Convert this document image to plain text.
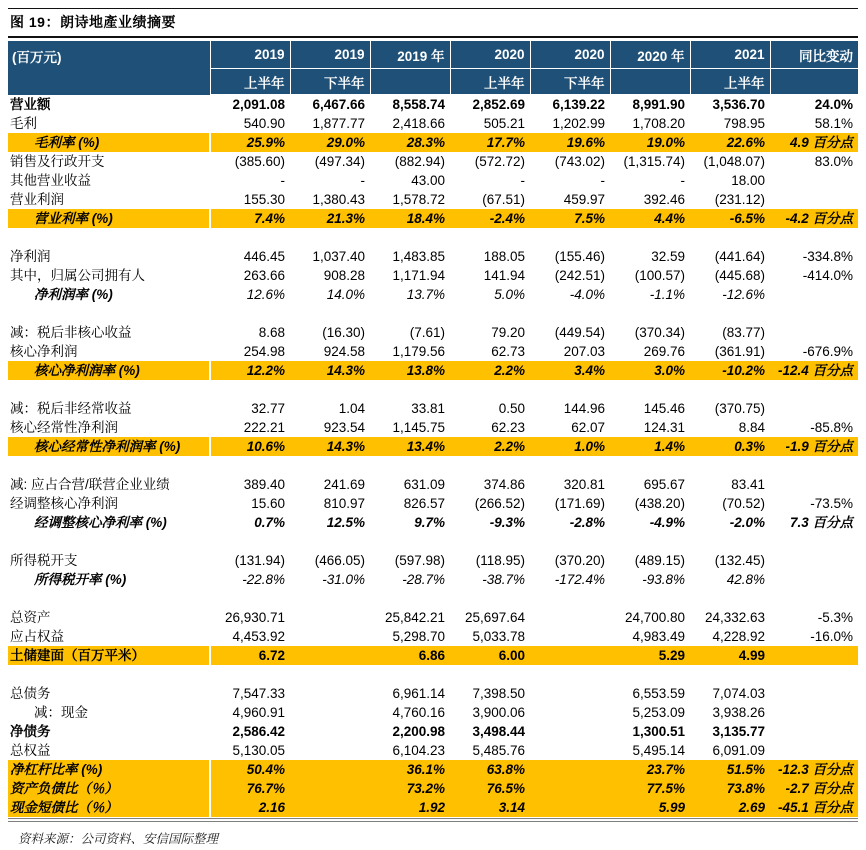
图 19：朗诗地產业绩摘要
(百万元)	2019	2019	2019 年	2020	2020	2020 年	2021	同比变动
	上半年	下半年		上半年	下半年		上半年	
营业额	2,091.08	6,467.66	8,558.74	2,852.69	6,139.22	8,991.90	3,536.70	24.0%
毛利	540.90	1,877.77	2,418.66	505.21	1,202.99	1,708.20	798.95	58.1%
毛利率 (%)	25.9%	29.0%	28.3%	17.7%	19.6%	19.0%	22.6%	4.9 百分点
销售及行政开支	(385.60)	(497.34)	(882.94)	(572.72)	(743.02)	(1,315.74)	(1,048.07)	83.0%
其他营业收益	-	-	43.00	-	-	-	18.00	
营业利润	155.30	1,380.43	1,578.72	(67.51)	459.97	392.46	(231.12)	
营业利率 (%)	7.4%	21.3%	18.4%	-2.4%	7.5%	4.4%	-6.5%	-4.2 百分点

净利润	446.45	1,037.40	1,483.85	188.05	(155.46)	32.59	(441.64)	-334.8%
其中，归属公司拥有人	263.66	908.28	1,171.94	141.94	(242.51)	(100.57)	(445.68)	-414.0%
净利润率 (%)	12.6%	14.0%	13.7%	5.0%	-4.0%	-1.1%	-12.6%	

减：税后非核心收益	8.68	(16.30)	(7.61)	79.20	(449.54)	(370.34)	(83.77)	
核心净利润	254.98	924.58	1,179.56	62.73	207.03	269.76	(361.91)	-676.9%
核心净利润率 (%)	12.2%	14.3%	13.8%	2.2%	3.4%	3.0%	-10.2%	-12.4 百分点

减：税后非经常收益	32.77	1.04	33.81	0.50	144.96	145.46	(370.75)	
核心经常性净利润	222.21	923.54	1,145.75	62.23	62.07	124.31	8.84	-85.8%
核心经常性净利润率 (%)	10.6%	14.3%	13.4%	2.2%	1.0%	1.4%	0.3%	-1.9 百分点

减: 应占合营/联营企业业绩	389.40	241.69	631.09	374.86	320.81	695.67	83.41	
经调整核心净利润	15.60	810.97	826.57	(266.52)	(171.69)	(438.20)	(70.52)	-73.5%
经调整核心净利率 (%)	0.7%	12.5%	9.7%	-9.3%	-2.8%	-4.9%	-2.0%	7.3 百分点

所得税开支	(131.94)	(466.05)	(597.98)	(118.95)	(370.20)	(489.15)	(132.45)	
所得税开率 (%)	-22.8%	-31.0%	-28.7%	-38.7%	-172.4%	-93.8%	42.8%	

总资产	26,930.71		25,842.21	25,697.64		24,700.80	24,332.63	-5.3%
应占权益	4,453.92		5,298.70	5,033.78		4,983.49	4,228.92	-16.0%
土储建面（百万平米）	6.72		6.86	6.00		5.29	4.99	

总债务	7,547.33		6,961.14	7,398.50		6,553.59	7,074.03	
减：现金	4,960.91		4,760.16	3,900.06		5,253.09	3,938.26	
净债务	2,586.42		2,200.98	3,498.44		1,300.51	3,135.77	
总权益	5,130.05		6,104.23	5,485.76		5,495.14	6,091.09	
净杠杆比率 (%)	50.4%		36.1%	63.8%		23.7%	51.5%	-12.3 百分点
资产负债比（％）	76.7%		73.2%	76.5%		77.5%	73.8%	-2.7 百分点
现金短债比（％）	2.16		1.92	3.14		5.99	2.69	-45.1 百分点
资料来源：公司资料、安信国际整理
